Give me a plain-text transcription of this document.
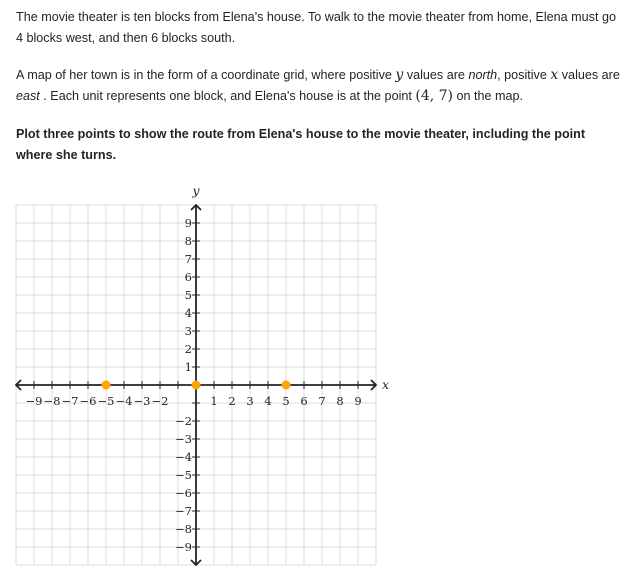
The movie theater is ten blocks from Elena's house. To walk to the movie theater from home, Elena must go 4 blocks west, and then 6 blocks south.

A map of her town is in the form of a coordinate grid, where positive y values are north, positive x values are east . Each unit represents one block, and Elena's house is at the point (4, 7) on the map.

Plot three points to show the route from Elena's house to the movie theater, including the point where she turns.

−9 −8 −7 −6 −5 −4 −3 −2	1 2 3 4 5 6 7 8 9
9
8
7
6
5
4
3
2
1
−2
−3
−4
−5
−6
−7
−8
−9
x
y
